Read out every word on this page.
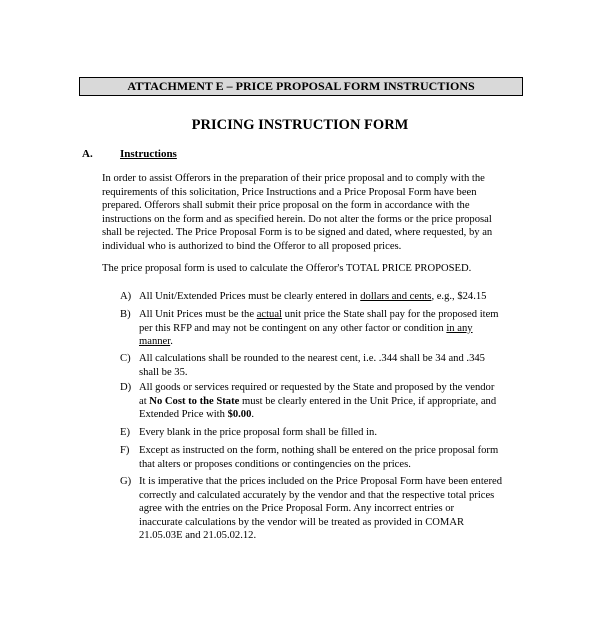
ATTACHMENT E – PRICE PROPOSAL FORM INSTRUCTIONS
PRICING INSTRUCTION FORM
A. Instructions
In order to assist Offerors in the preparation of their price proposal and to comply with the
requirements of this solicitation, Price Instructions and a Price Proposal Form have been
prepared. Offerors shall submit their price proposal on the form in accordance with the
instructions on the form and as specified herein. Do not alter the forms or the price proposal
shall be rejected. The Price Proposal Form is to be signed and dated, where requested, by an
individual who is authorized to bind the Offeror to all proposed prices.
The price proposal form is used to calculate the Offeror's TOTAL PRICE PROPOSED.
A) All Unit/Extended Prices must be clearly entered in dollars and cents, e.g., $24.15
B) All Unit Prices must be the actual unit price the State shall pay for the proposed item
per this RFP and may not be contingent on any other factor or condition in any
manner.
C) All calculations shall be rounded to the nearest cent, i.e. .344 shall be 34 and .345
shall be 35.
D) All goods or services required or requested by the State and proposed by the vendor
at No Cost to the State must be clearly entered in the Unit Price, if appropriate, and
Extended Price with $0.00.
E) Every blank in the price proposal form shall be filled in.
F) Except as instructed on the form, nothing shall be entered on the price proposal form
that alters or proposes conditions or contingencies on the prices.
G) It is imperative that the prices included on the Price Proposal Form have been entered
correctly and calculated accurately by the vendor and that the respective total prices
agree with the entries on the Price Proposal Form. Any incorrect entries or
inaccurate calculations by the vendor will be treated as provided in COMAR
21.05.03E and 21.05.02.12.
